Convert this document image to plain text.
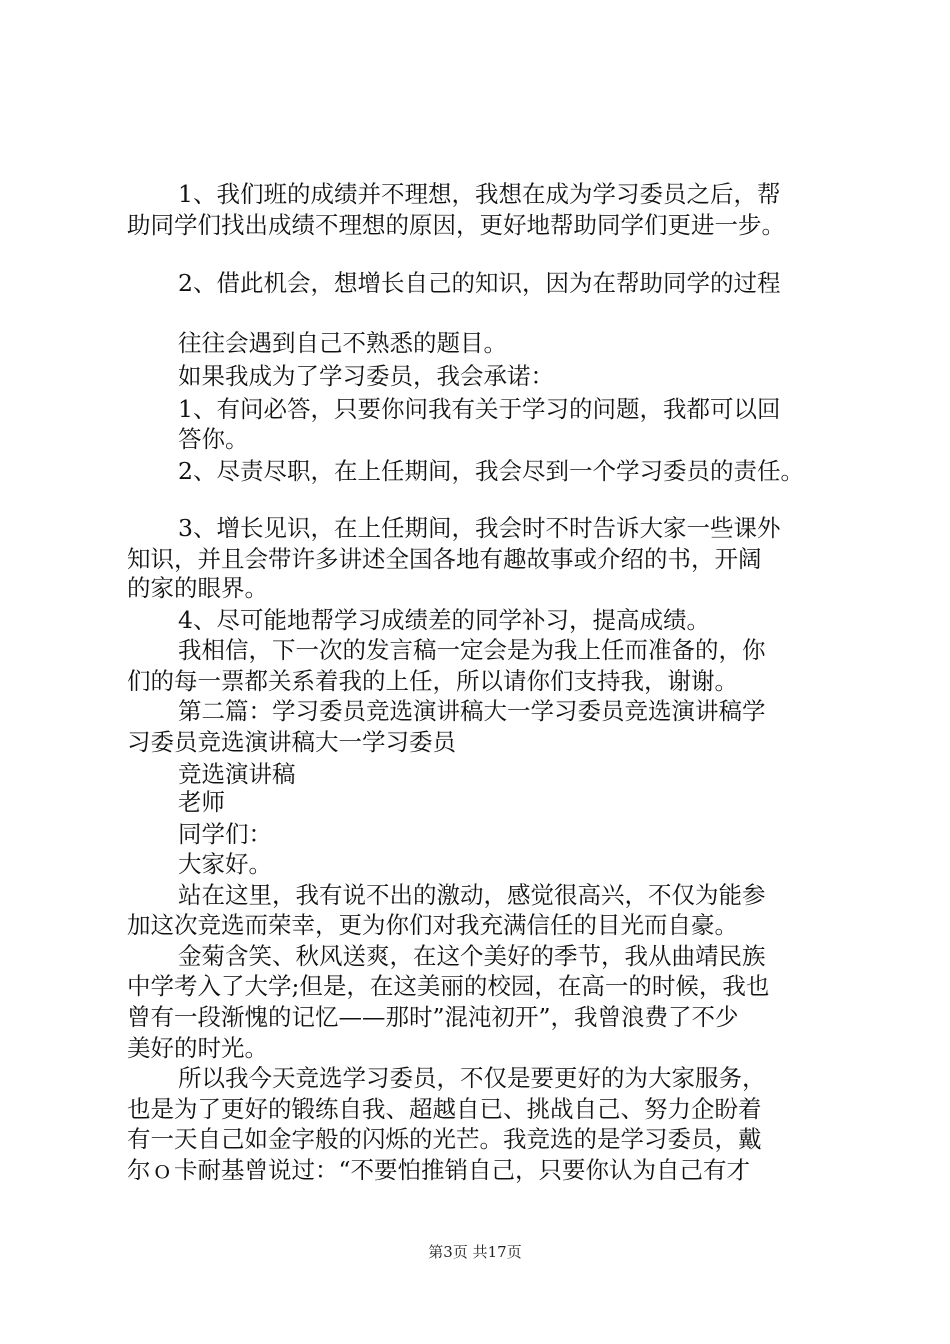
1、我们班的成绩并不理想，我想在成为学习委员之后，帮
助同学们找出成绩不理想的原因，更好地帮助同学们更进一步。
2、借此机会，想增长自己的知识，因为在帮助同学的过程
往往会遇到自己不熟悉的题目。
如果我成为了学习委员，我会承诺：
1、有问必答，只要你问我有关于学习的问题，我都可以回
答你。
2、尽责尽职，在上任期间，我会尽到一个学习委员的责任。
3、增长见识，在上任期间，我会时不时告诉大家一些课外
知识，并且会带许多讲述全国各地有趣故事或介绍的书，开阔
的家的眼界。
4、尽可能地帮学习成绩差的同学补习，提高成绩。
我相信，下一次的发言稿一定会是为我上任而准备的，你
们的每一票都关系着我的上任，所以请你们支持我，谢谢。
第二篇：学习委员竞选演讲稿大一学习委员竞选演讲稿学
习委员竞选演讲稿大一学习委员
竞选演讲稿
老师
同学们：
大家好。
站在这里，我有说不出的激动，感觉很高兴，不仅为能参
加这次竞选而荣幸，更为你们对我充满信任的目光而自豪。
金菊含笑、秋风送爽，在这个美好的季节，我从曲靖民族
中学考入了大学;但是，在这美丽的校园，在高一的时候，我也
曾有一段渐愧的记忆——那时”混沌初开”，我曾浪费了不少
美好的时光。
所以我今天竞选学习委员，不仅是要更好的为大家服务，
也是为了更好的锻练自我、超越自已、挑战自己、努力企盼着
有一天自己如金字般的闪烁的光芒。我竞选的是学习委员，戴
尔ｏ卡耐基曾说过：“不要怕推销自己，只要你认为自己有才
第3页 共17页
